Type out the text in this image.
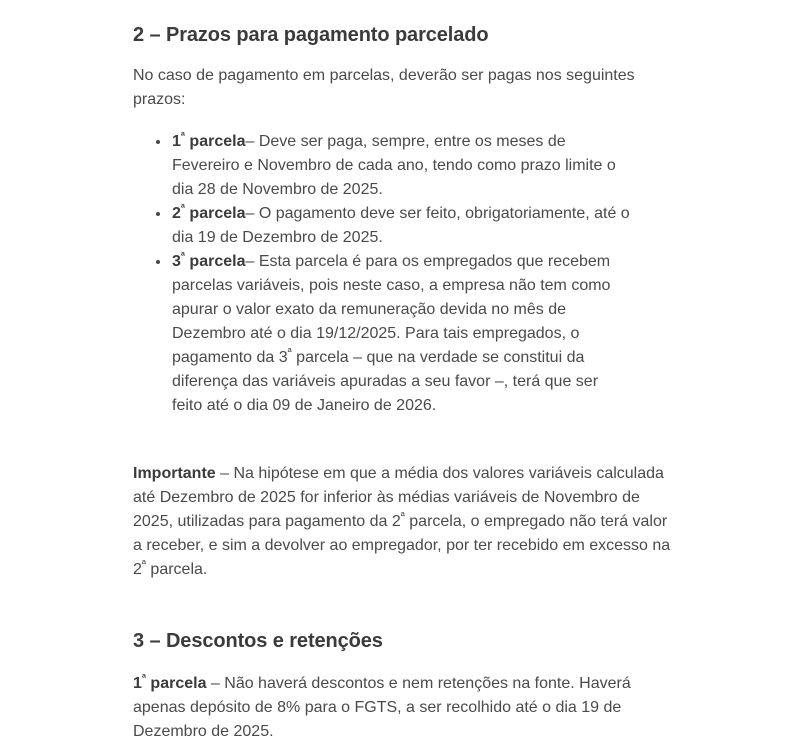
2 – Prazos para pagamento parcelado

No caso de pagamento em parcelas, deverão ser pagas nos seguintes prazos:

$1^ª$ parcela– Deve ser paga, sempre, entre os meses de Fevereiro e Novembro de cada ano, tendo como prazo limite o dia 28 de Novembro de 2025.
$2^ª$ parcela– O pagamento deve ser feito, obrigatoriamente, até o dia 19 de Dezembro de 2025.
$3^ª$ parcela– Esta parcela é para os empregados que recebem parcelas variáveis, pois neste caso, a empresa não tem como apurar o valor exato da remuneração devida no mês de Dezembro até o dia 19/12/2025. Para tais empregados, o pagamento da $3^ª$ parcela – que na verdade se constitui da diferença das variáveis apuradas a seu favor –, terá que ser feito até o dia 09 de Janeiro de 2026.

Importante – Na hipótese em que a média dos valores variáveis calculada até Dezembro de 2025 for inferior às médias variáveis de Novembro de 2025, utilizadas para pagamento da $2^ª$ parcela, o empregado não terá valor a receber, e sim a devolver ao empregador, por ter recebido em excesso na $2^ª$ parcela.

3 – Descontos e retenções

$1^ª$ parcela – Não haverá descontos e nem retenções na fonte. Haverá apenas depósito de 8% para o FGTS, a ser recolhido até o dia 19 de Dezembro de 2025.
